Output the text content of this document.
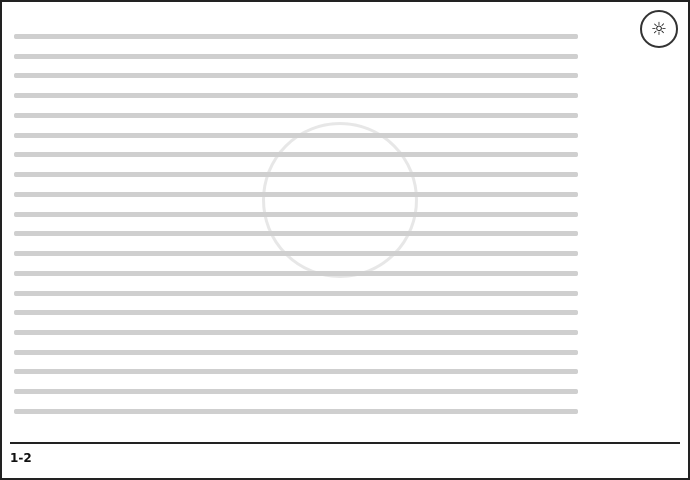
☼
1-2
